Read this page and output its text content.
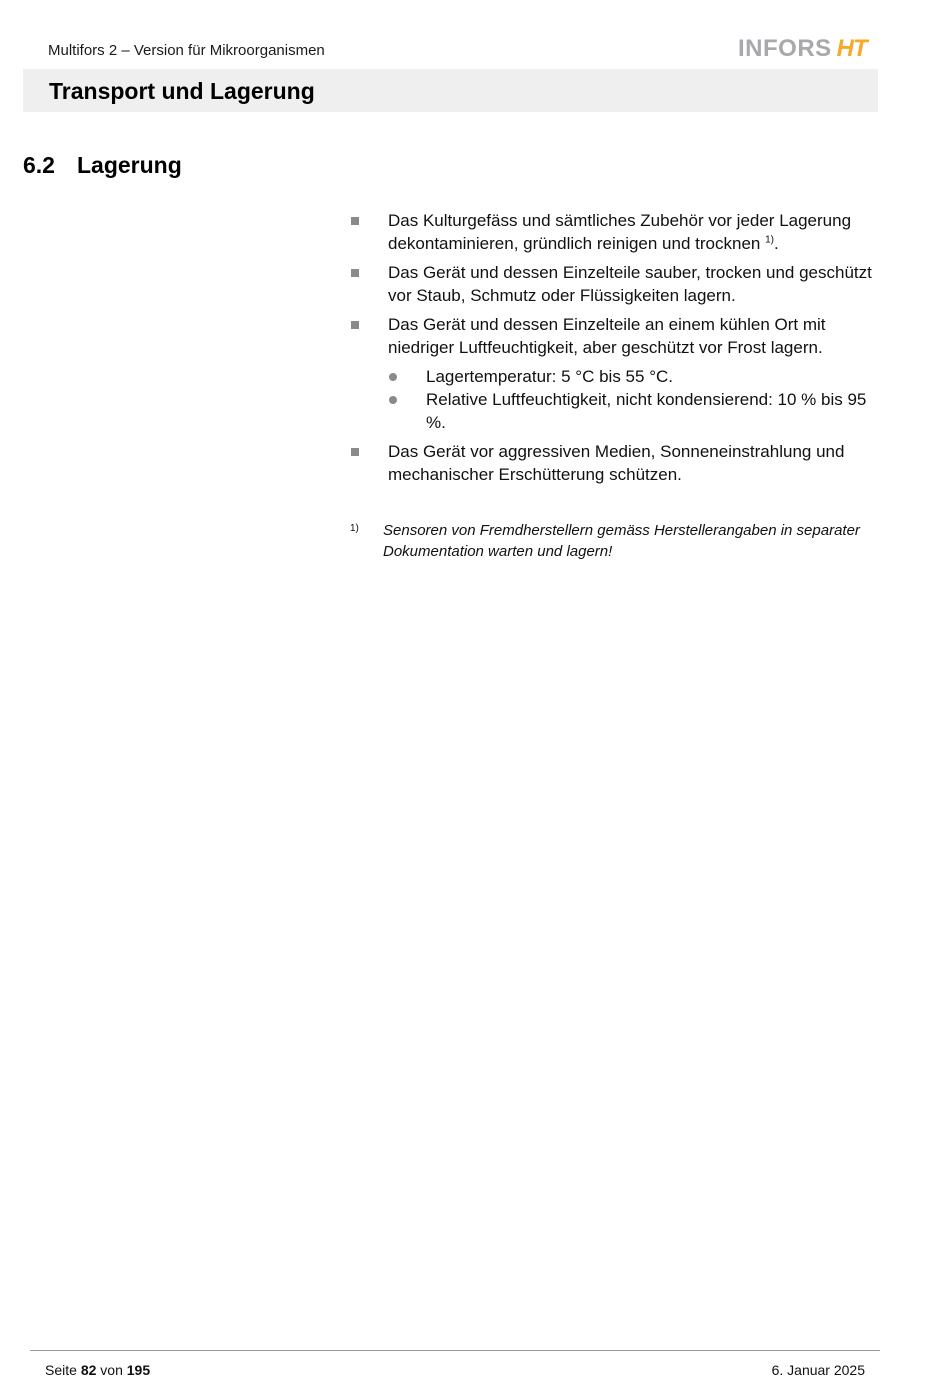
Multifors 2 – Version für Mikroorganismen	INFORS HT
Transport und Lagerung
6.2 Lagerung
Das Kulturgefäss und sämtliches Zubehör vor jeder Lagerung dekontaminieren, gründlich reinigen und trocknen $^{1)}$.
Das Gerät und dessen Einzelteile sauber, trocken und geschützt vor Staub, Schmutz oder Flüssigkeiten lagern.
Das Gerät und dessen Einzelteile an einem kühlen Ort mit niedriger Luftfeuchtigkeit, aber geschützt vor Frost lagern.
Lagertemperatur: 5 °C bis 55 °C.
Relative Luftfeuchtigkeit, nicht kondensierend: 10 % bis 95 %.
Das Gerät vor aggressiven Medien, Sonneneinstrahlung und mechanischer Erschütterung schützen.
1) Sensoren von Fremdherstellern gemäss Herstellerangaben in separater Dokumentation warten und lagern!
Seite 82 von 195	6. Januar 2025
